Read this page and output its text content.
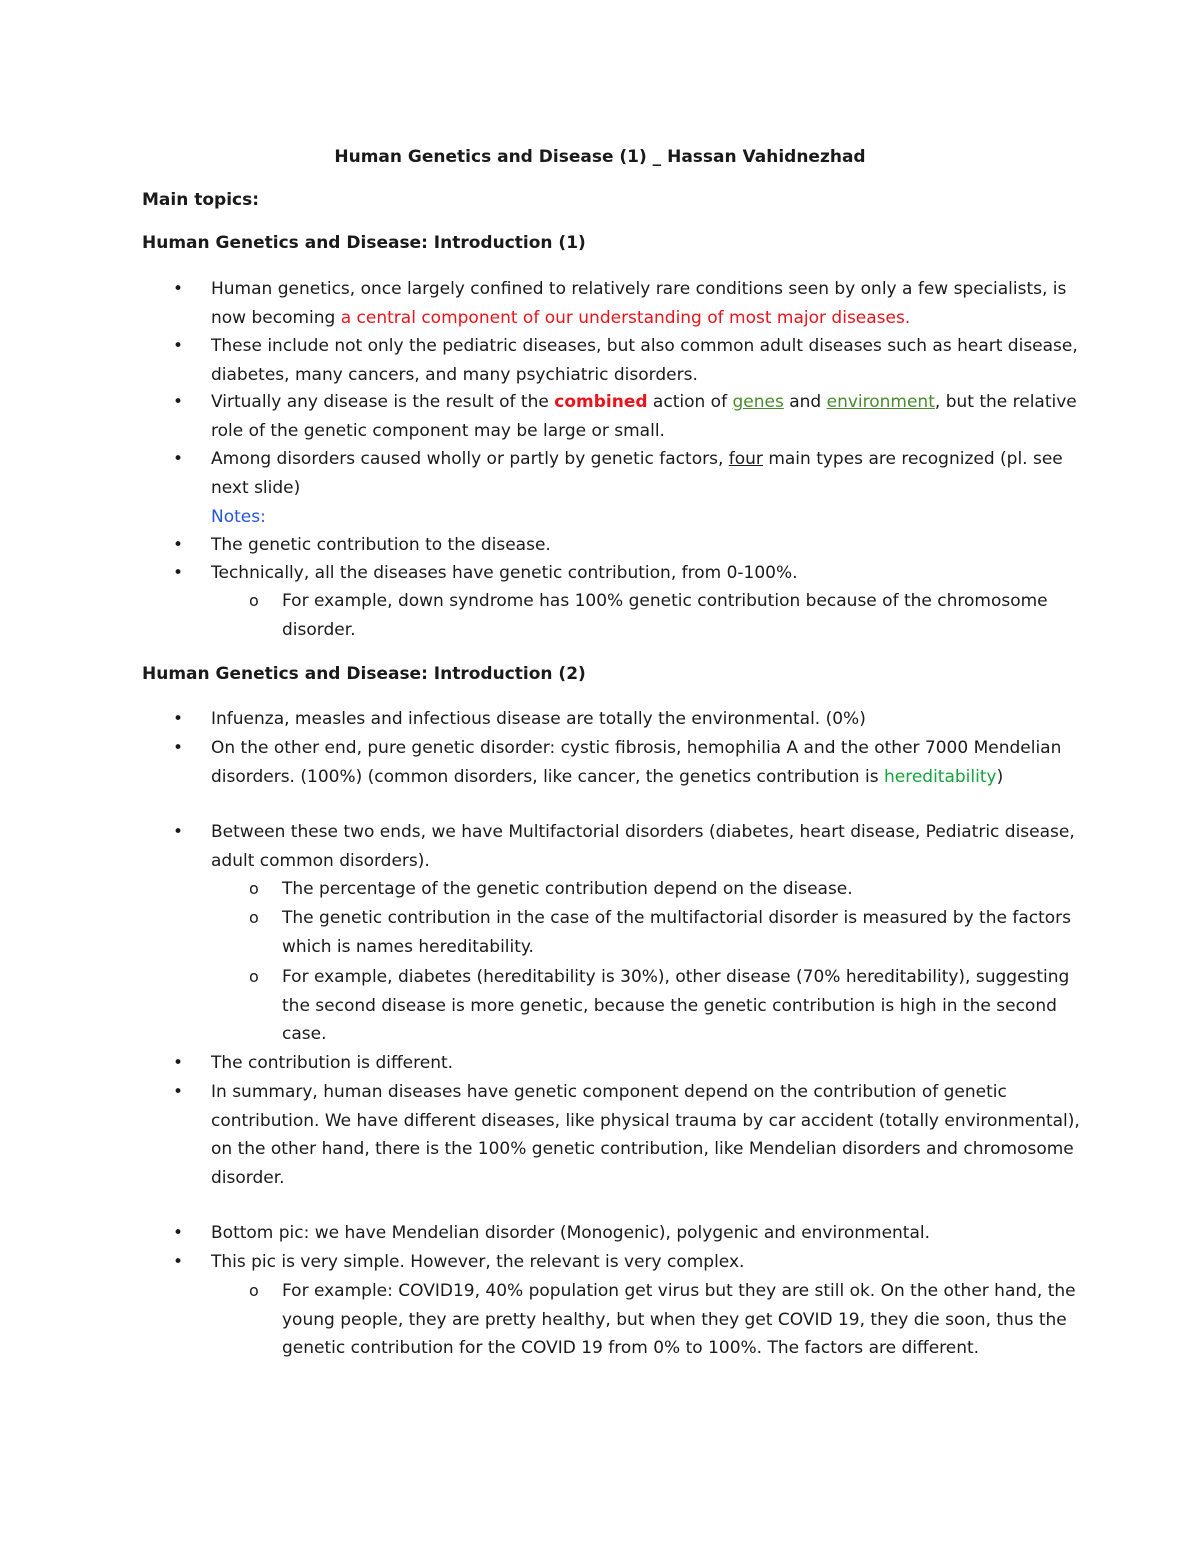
Human Genetics and Disease (1) _ Hassan Vahidnezhad
Main topics:
Human Genetics and Disease: Introduction (1)
• Human genetics, once largely confined to relatively rare conditions seen by only a few specialists, is now becoming a central component of our understanding of most major diseases.
• These include not only the pediatric diseases, but also common adult diseases such as heart disease, diabetes, many cancers, and many psychiatric disorders.
• Virtually any disease is the result of the combined action of genes and environment, but the relative role of the genetic component may be large or small.
• Among disorders caused wholly or partly by genetic factors, four main types are recognized (pl. see next slide)
Notes:
• The genetic contribution to the disease.
• Technically, all the diseases have genetic contribution, from 0-100%.
o For example, down syndrome has 100% genetic contribution because of the chromosome disorder.
Human Genetics and Disease: Introduction (2)
• Infuenza, measles and infectious disease are totally the environmental. (0%)
• On the other end, pure genetic disorder: cystic fibrosis, hemophilia A and the other 7000 Mendelian disorders. (100%) (common disorders, like cancer, the genetics contribution is hereditability)
• Between these two ends, we have Multifactorial disorders (diabetes, heart disease, Pediatric disease, adult common disorders).
o The percentage of the genetic contribution depend on the disease.
o The genetic contribution in the case of the multifactorial disorder is measured by the factors which is names hereditability.
o For example, diabetes (hereditability is 30%), other disease (70% hereditability), suggesting the second disease is more genetic, because the genetic contribution is high in the second case.
• The contribution is different.
• In summary, human diseases have genetic component depend on the contribution of genetic contribution. We have different diseases, like physical trauma by car accident (totally environmental), on the other hand, there is the 100% genetic contribution, like Mendelian disorders and chromosome disorder.
• Bottom pic: we have Mendelian disorder (Monogenic), polygenic and environmental.
• This pic is very simple. However, the relevant is very complex.
o For example: COVID19, 40% population get virus but they are still ok. On the other hand, the young people, they are pretty healthy, but when they get COVID 19, they die soon, thus the genetic contribution for the COVID 19 from 0% to 100%. The factors are different.
